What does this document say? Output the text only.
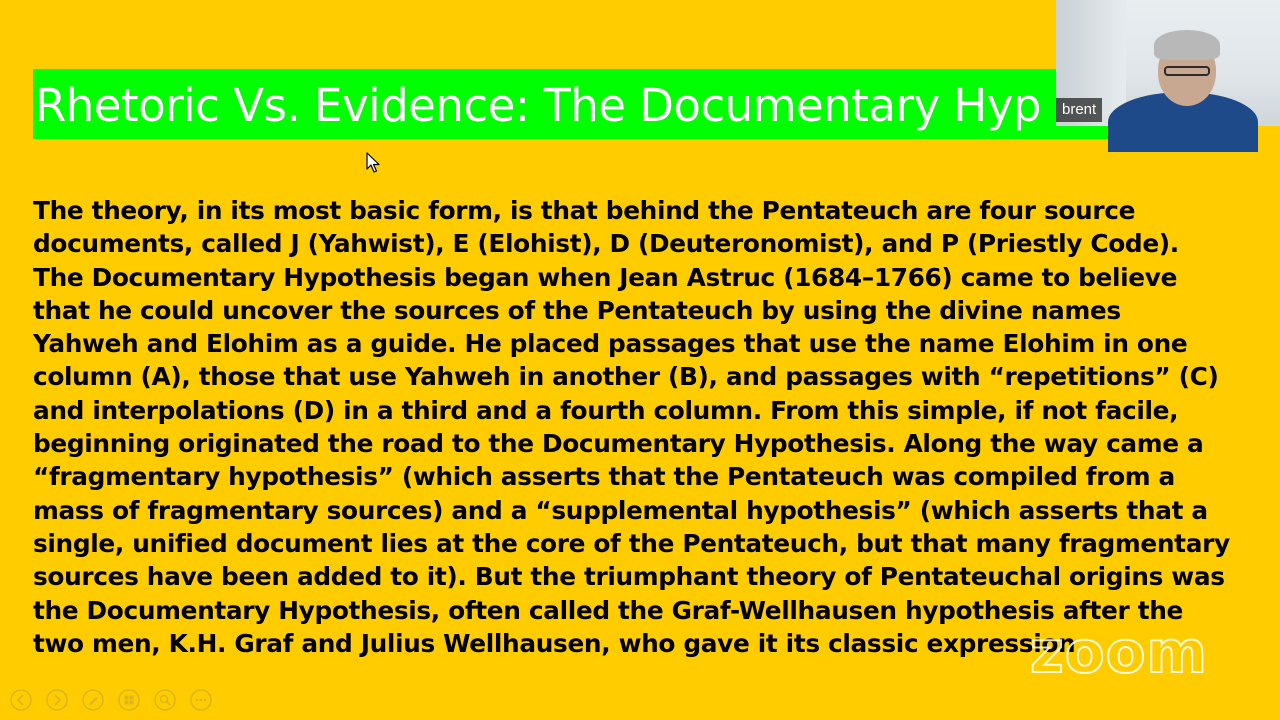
Rhetoric Vs. Evidence: The Documentary Hyp
The theory, in its most basic form, is that behind the Pentateuch are four source
documents, called J (Yahwist), E (Elohist), D (Deuteronomist), and P (Priestly Code).
The Documentary Hypothesis began when Jean Astruc (1684–1766) came to believe
that he could uncover the sources of the Pentateuch by using the divine names
Yahweh and Elohim as a guide. He placed passages that use the name Elohim in one
column (A), those that use Yahweh in another (B), and passages with “repetitions” (C)
and interpolations (D) in a third and a fourth column. From this simple, if not facile,
beginning originated the road to the Documentary Hypothesis. Along the way came a
“fragmentary hypothesis” (which asserts that the Pentateuch was compiled from a
mass of fragmentary sources) and a “supplemental hypothesis” (which asserts that a
single, unified document lies at the core of the Pentateuch, but that many fragmentary
sources have been added to it). But the triumphant theory of Pentateuchal origins was
the Documentary Hypothesis, often called the Graf-Wellhausen hypothesis after the
two men, K.H. Graf and Julius Wellhausen, who gave it its classic expression
brent
zoom
